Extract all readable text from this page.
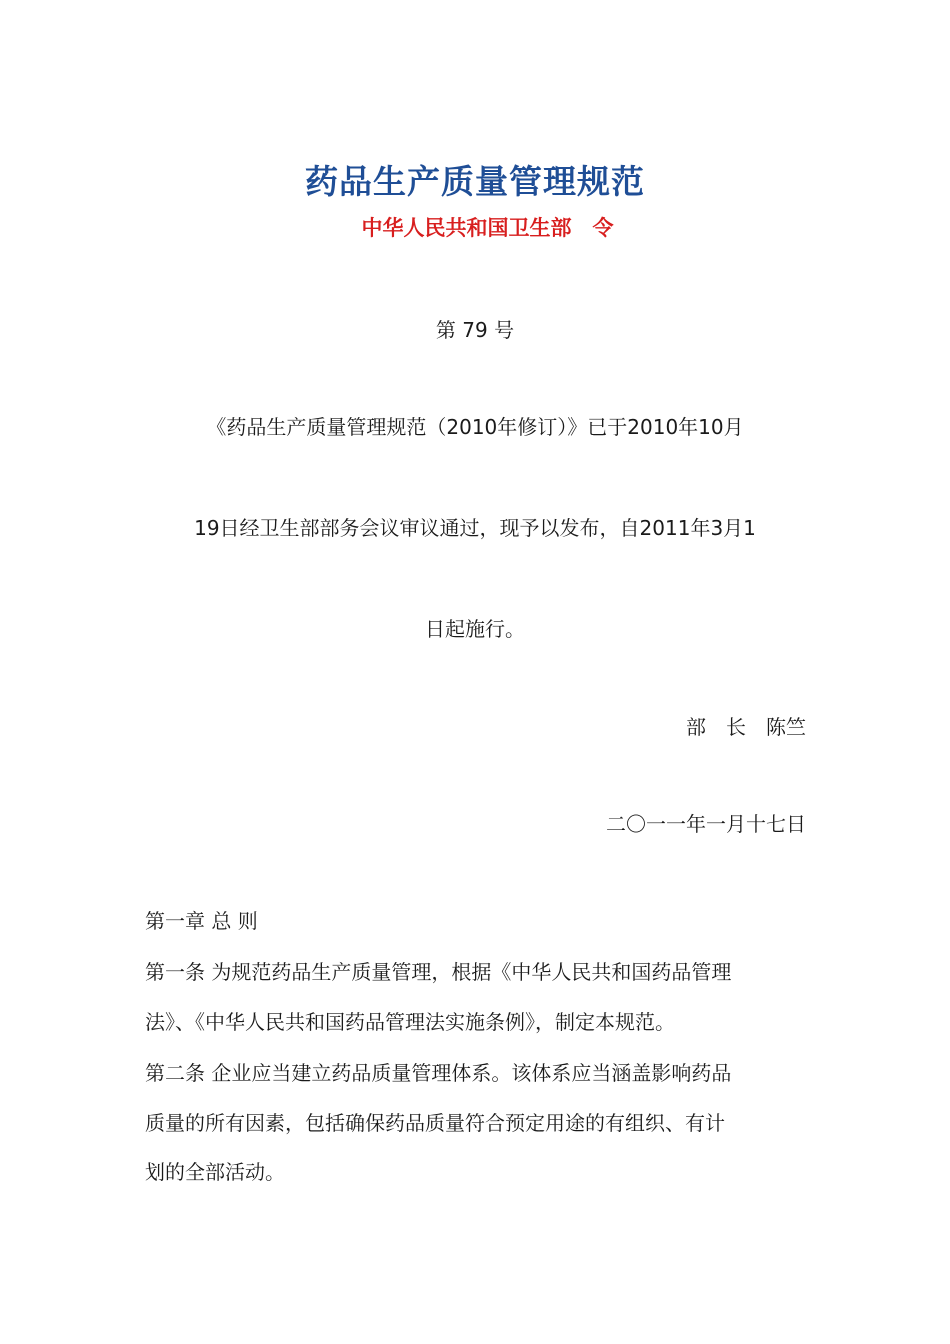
药品生产质量管理规范
中华人民共和国卫生部　令
第 79 号
《药品生产质量管理规范（2010年修订）》已于2010年10月
19日经卫生部部务会议审议通过，现予以发布，自2011年3月1
日起施行。
部　长　陈竺
二〇一一年一月十七日
第一章 总 则
第一条 为规范药品生产质量管理，根据《中华人民共和国药品管理
法》、《中华人民共和国药品管理法实施条例》，制定本规范。
第二条 企业应当建立药品质量管理体系。该体系应当涵盖影响药品
质量的所有因素，包括确保药品质量符合预定用途的有组织、有计
划的全部活动。
